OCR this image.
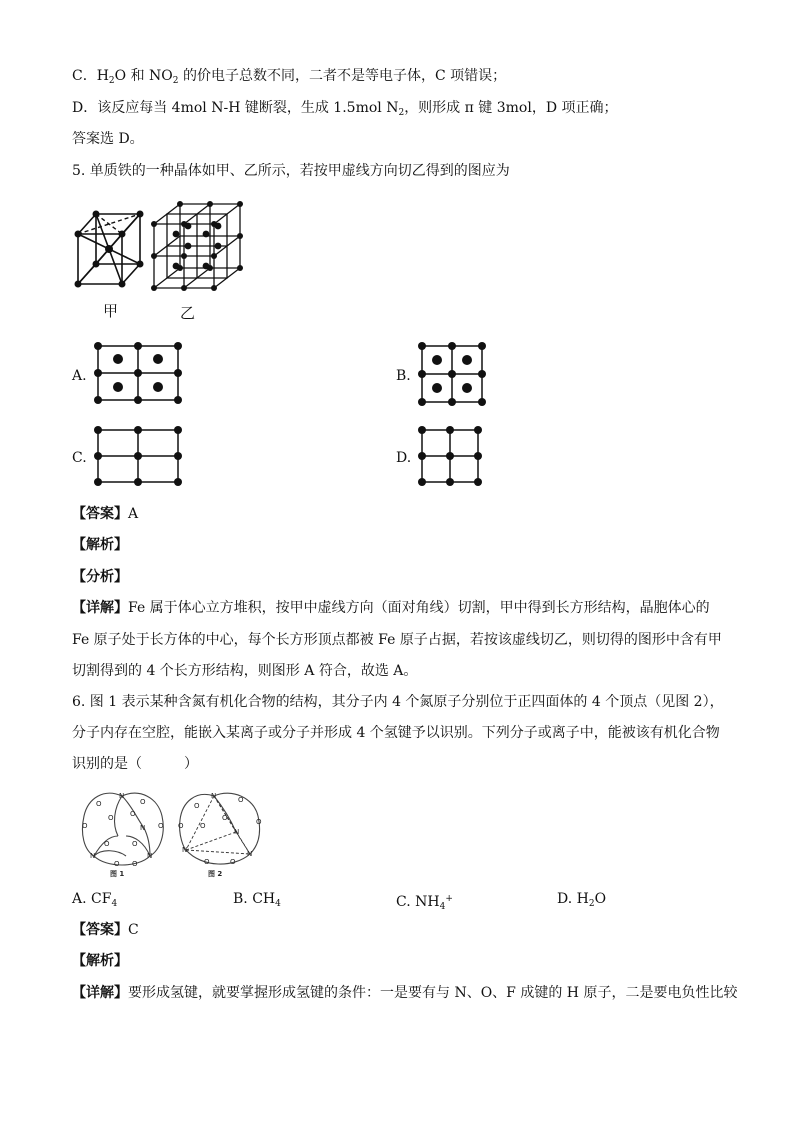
C．$H_2O$ 和 $NO_2$ 的价电子总数不同，二者不是等电子体，C 项错误；
D．该反应每当 4mol N-H 键断裂，生成 1.5mol $N_2$，则形成 π 键 3mol，D 项正确；
答案选 D。
5. 单质铁的一种晶体如甲、乙所示，若按甲虚线方向切乙得到的图应为
甲	乙
A.	B.
C.	D.
【答案】A
【解析】
【分析】
【详解】Fe 属于体心立方堆积，按甲中虚线方向（面对角线）切割，甲中得到长方形结构，晶胞体心的
Fe 原子处于长方体的中心，每个长方形顶点都被 Fe 原子占据，若按该虚线切乙，则切得的图形中含有甲
切割得到的 4 个长方形结构，则图形 A 符合，故选 A。
6. 图 1 表示某种含氮有机化合物的结构，其分子内 4 个氮原子分别位于正四面体的 4 个顶点（见图 2），
分子内存在空腔，能嵌入某离子或分子并形成 4 个氢键予以识别。下列分子或离子中，能被该有机化合物
识别的是（　　　）
N
N	N
N
O	O
O	O
O O
O	O
O O
图 1
N
N	N
N
O
O
O	O
O
O
O	O
图 2
A. $CF_4$	B. $CH_4$	C. $NH_4^+$	D. $H_2O$
【答案】C
【解析】
【详解】要形成氢键，就要掌握形成氢键的条件：一是要有与 N、O、F 成键的 H 原子，二是要电负性比较
